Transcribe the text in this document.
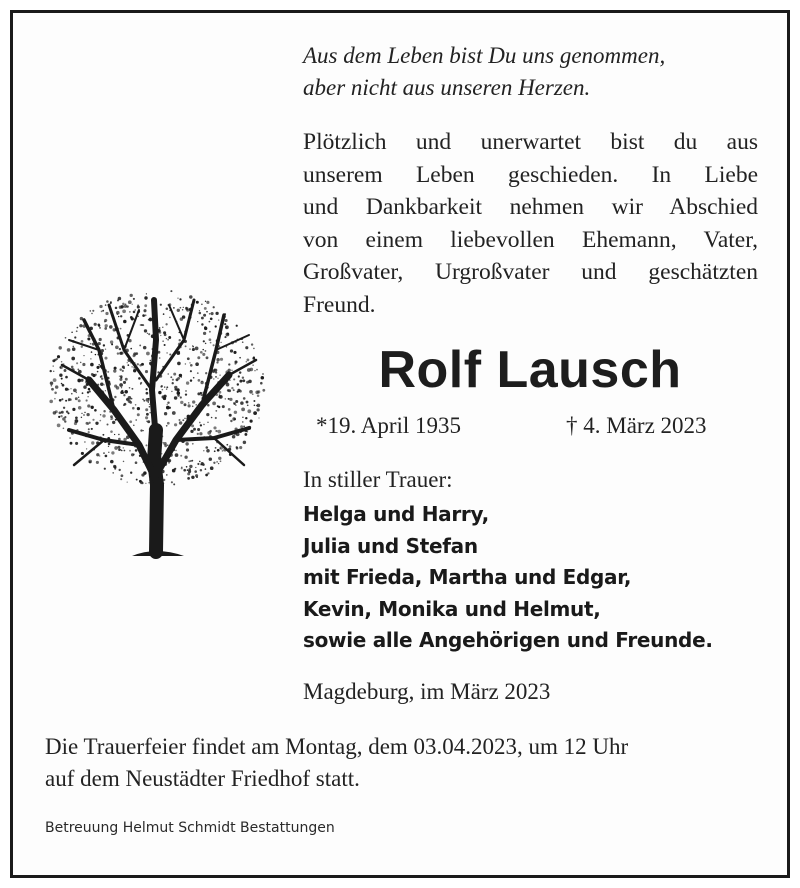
Aus dem Leben bist Du uns genommen,
aber nicht aus unseren Herzen.
Plötzlich und unerwartet bist du aus
unserem Leben geschieden. In Liebe
und Dankbarkeit nehmen wir Abschied
von einem liebevollen Ehemann, Vater,
Großvater, Urgroßvater und geschätzten
Freund.
Rolf Lausch
*19. April 1935	† 4. März 2023
In stiller Trauer:
Helga und Harry,
Julia und Stefan
mit Frieda, Martha und Edgar,
Kevin, Monika und Helmut,
sowie alle Angehörigen und Freunde.
Magdeburg, im März 2023
Die Trauerfeier findet am Montag, dem 03.04.2023, um 12 Uhr
auf dem Neustädter Friedhof statt.
Betreuung Helmut Schmidt Bestattungen
